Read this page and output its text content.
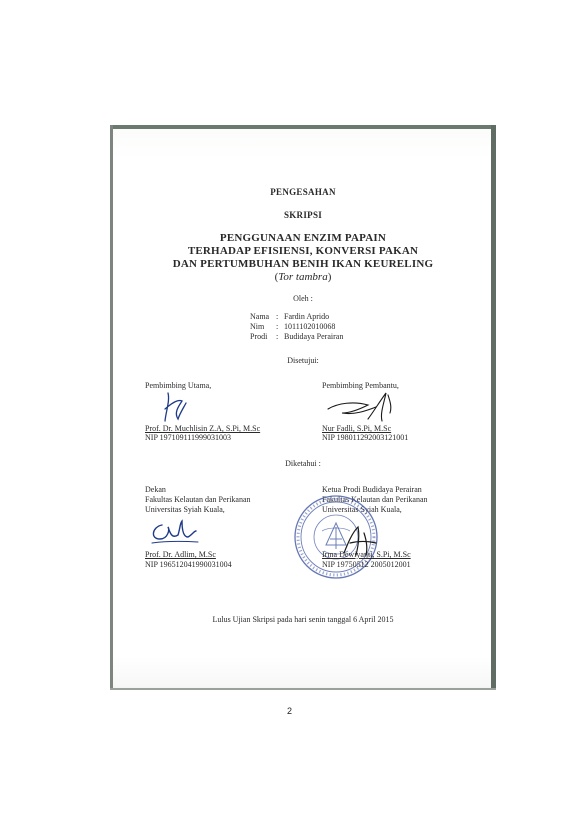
PENGESAHAN
SKRIPSI
PENGGUNAAN ENZIM PAPAIN
TERHADAP EFISIENSI, KONVERSI PAKAN
DAN PERTUMBUHAN BENIH IKAN KEURELING
(Tor tambra)
Oleh :
Nama : Fardin Aprido
Nim : 1011102010068
Prodi : Budidaya Perairan
Disetujui:
Pembimbing Utama,	Pembimbing Pembantu,
Prof. Dr. Muchlisin Z.A, S.Pi, M.Sc
NIP 197109111999031003
Nur Fadli, S.Pi, M.Sc
NIP 198011292003121001
Diketahui :
Dekan
Fakultas Kelautan dan Perikanan
Universitas Syiah Kuala,
Ketua Prodi Budidaya Perairan
Fakultas Kelautan dan Perikanan
Universitas Syiah Kuala,
Prof. Dr. Adlim, M.Sc
NIP 196512041990031004
Irma Dewiyanti, S.Pi, M.Sc
NIP 19750512 2005012001
Lulus Ujian Skripsi pada hari senin tanggal 6 April 2015
2
